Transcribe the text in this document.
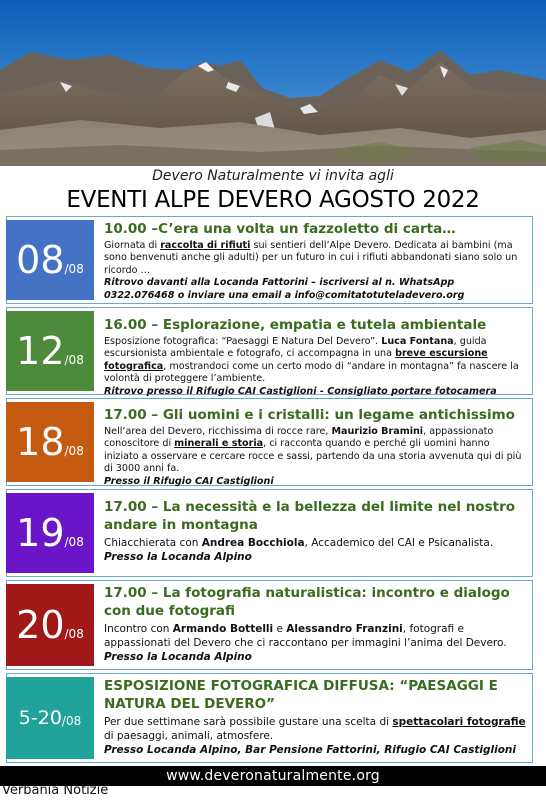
Devero Naturalmente vi invita agli
EVENTI ALPE DEVERO AGOSTO 2022
08 /08
10.00 –C’era una volta un fazzoletto di carta…
Giornata di raccolta di rifiuti sui sentieri dell’Alpe Devero. Dedicata ai bambini (ma sono benvenuti anche gli adulti) per un futuro in cui i rifiuti abbandonati siano solo un ricordo …
Ritrovo davanti alla Locanda Fattorini – iscriversi al n. WhatsApp 0322.076468 o inviare una email a info@comitatotuteladevero.org
12 /08
16.00 – Esplorazione, empatia e tutela ambientale
Esposizione fotografica: “Paesaggi E Natura Del Devero”. Luca Fontana, guida escursionista ambientale e fotografo, ci accompagna in una breve escursione fotografica, mostrandoci come un certo modo di “andare in montagna” fa nascere la volontà di proteggere l’ambiente.
Ritrovo presso il Rifugio CAI Castiglioni - Consigliato portare fotocamera
18 /08
17.00 – Gli uomini e i cristalli: un legame antichissimo
Nell’area del Devero, ricchissima di rocce rare, Maurizio Bramini, appassionato conoscitore di minerali e storia, ci racconta quando e perché gli uomini hanno iniziato a osservare e cercare rocce e sassi, partendo da una storia avvenuta qui di più di 3000 anni fa.
Presso il Rifugio CAI Castiglioni
19 /08
17.00 – La necessità e la bellezza del limite nel nostro andare in montagna
Chiacchierata con Andrea Bocchiola, Accademico del CAI e Psicanalista.
Presso la Locanda Alpino
20 /08
17.00 – La fotografia naturalistica: incontro e dialogo con due fotografi
Incontro con Armando Bottelli e Alessandro Franzini, fotografi e appassionati del Devero che ci raccontano per immagini l’anima del Devero.
Presso la Locanda Alpino
5-20 /08
ESPOSIZIONE FOTOGRAFICA DIFFUSA: “PAESAGGI E NATURA DEL DEVERO”
Per due settimane sarà possibile gustare una scelta di spettacolari fotografie di paesaggi, animali, atmosfere.
Presso Locanda Alpino, Bar Pensione Fattorini, Rifugio CAI Castiglioni
www.deveronaturalmente.org
Verbania Notizie
